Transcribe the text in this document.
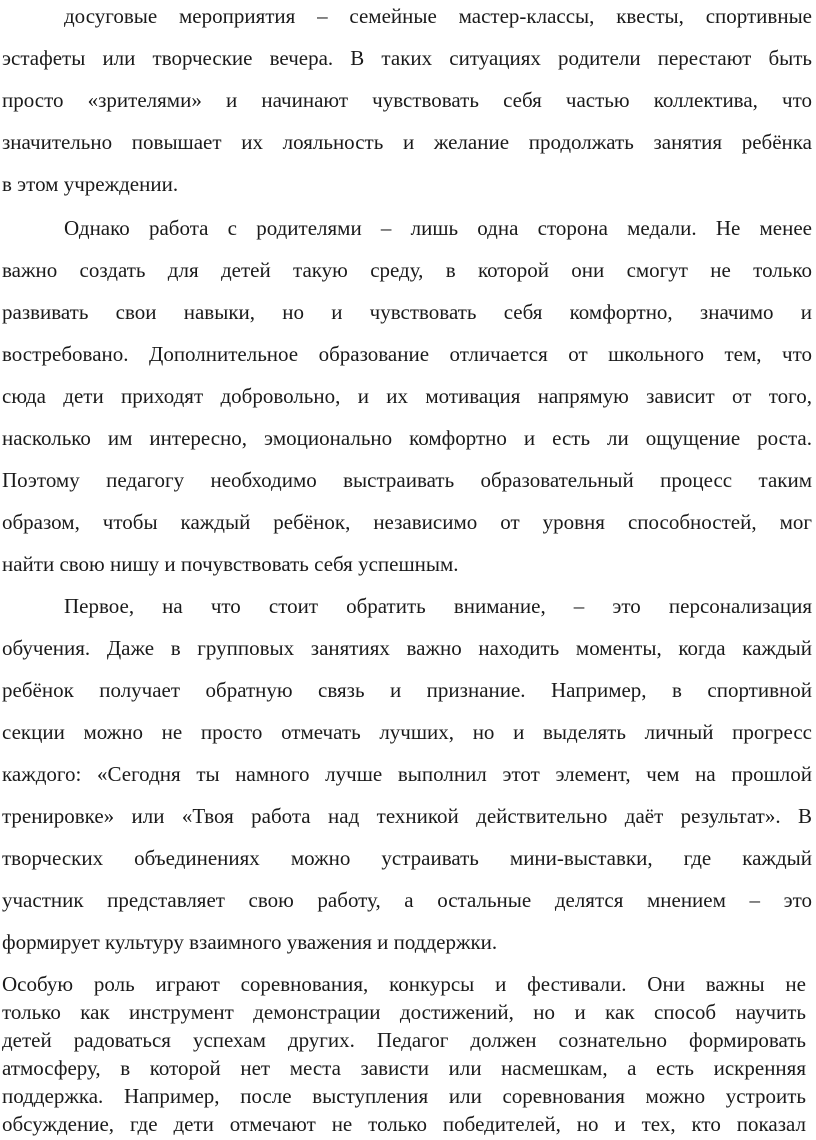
досуговые мероприятия – семейные мастер-классы, квесты, спортивные
эстафеты или творческие вечера. В таких ситуациях родители перестают быть
просто «зрителями» и начинают чувствовать себя частью коллектива, что
значительно повышает их лояльность и желание продолжать занятия ребёнка
в этом учреждении.
Однако работа с родителями – лишь одна сторона медали. Не менее
важно создать для детей такую среду, в которой они смогут не только
развивать свои навыки, но и чувствовать себя комфортно, значимо и
востребовано. Дополнительное образование отличается от школьного тем, что
сюда дети приходят добровольно, и их мотивация напрямую зависит от того,
насколько им интересно, эмоционально комфортно и есть ли ощущение роста.
Поэтому педагогу необходимо выстраивать образовательный процесс таким
образом, чтобы каждый ребёнок, независимо от уровня способностей, мог
найти свою нишу и почувствовать себя успешным.
Первое, на что стоит обратить внимание, – это персонализация
обучения. Даже в групповых занятиях важно находить моменты, когда каждый
ребёнок получает обратную связь и признание. Например, в спортивной
секции можно не просто отмечать лучших, но и выделять личный прогресс
каждого: «Сегодня ты намного лучше выполнил этот элемент, чем на прошлой
тренировке» или «Твоя работа над техникой действительно даёт результат». В
творческих объединениях можно устраивать мини-выставки, где каждый
участник представляет свою работу, а остальные делятся мнением – это
формирует культуру взаимного уважения и поддержки.
Особую роль играют соревнования, конкурсы и фестивали. Они важны не
только как инструмент демонстрации достижений, но и как способ научить
детей радоваться успехам других. Педагог должен сознательно формировать
атмосферу, в которой нет места зависти или насмешкам, а есть искренняя
поддержка. Например, после выступления или соревнования можно устроить
обсуждение, где дети отмечают не только победителей, но и тех, кто показал
